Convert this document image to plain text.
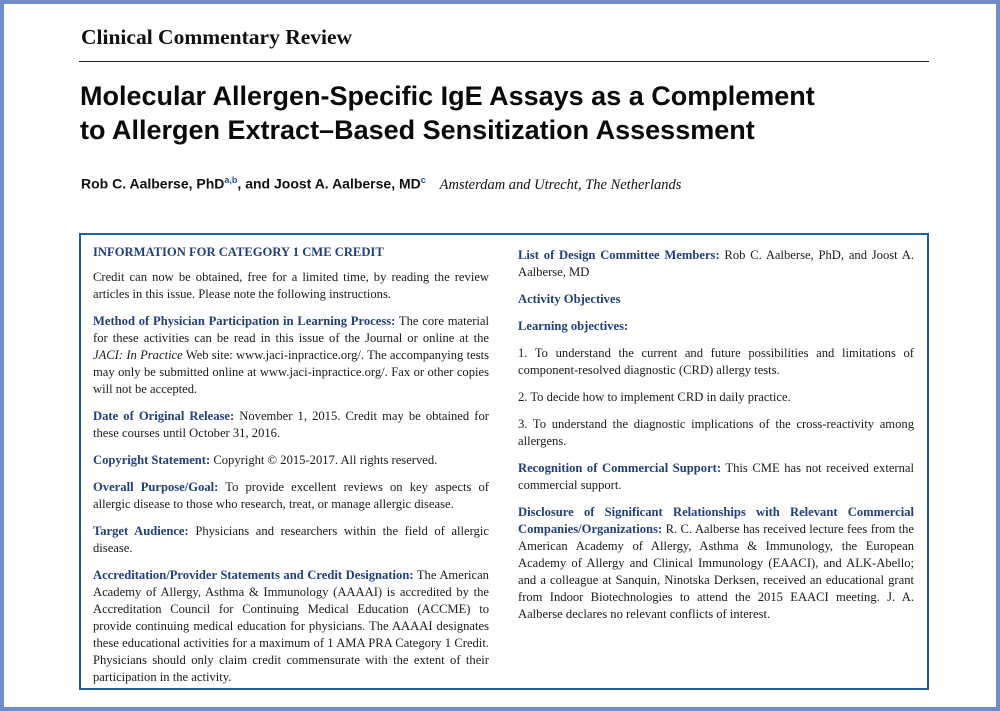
Clinical Commentary Review
Molecular Allergen-Specific IgE Assays as a Complement
to Allergen Extract–Based Sensitization Assessment
Rob C. Aalberse, PhD$^{a,b}$, and Joost A. Aalberse, $MD^c$ Amsterdam and Utrecht, The Netherlands

INFORMATION FOR CATEGORY 1 CME CREDIT

Credit can now be obtained, free for a limited time, by reading the review articles in this issue. Please note the following instructions.

Method of Physician Participation in Learning Process: The core material for these activities can be read in this issue of the Journal or online at the JACI: In Practice Web site: www.jaci-inpractice.org/. The accompanying tests may only be submitted online at www.jaci-inpractice.org/. Fax or other copies will not be accepted.

Date of Original Release: November 1, 2015. Credit may be obtained for these courses until October 31, 2016.

Copyright Statement: Copyright © 2015-2017. All rights reserved.

Overall Purpose/Goal: To provide excellent reviews on key aspects of allergic disease to those who research, treat, or manage allergic disease.

Target Audience: Physicians and researchers within the field of allergic disease.

Accreditation/Provider Statements and Credit Designation: The American Academy of Allergy, Asthma & Immunology (AAAAI) is accredited by the Accreditation Council for Continuing Medical Education (ACCME) to provide continuing medical education for physicians. The AAAAI designates these educational activities for a maximum of 1 AMA PRA Category 1 Credit. Physicians should only claim credit commensurate with the extent of their participation in the activity.

List of Design Committee Members: Rob C. Aalberse, PhD, and Joost A. Aalberse, MD

Activity Objectives

Learning objectives:

1. To understand the current and future possibilities and limitations of component-resolved diagnostic (CRD) allergy tests.

2. To decide how to implement CRD in daily practice.

3. To understand the diagnostic implications of the cross-reactivity among allergens.

Recognition of Commercial Support: This CME has not received external commercial support.

Disclosure of Significant Relationships with Relevant Commercial Companies/Organizations: R. C. Aalberse has received lecture fees from the American Academy of Allergy, Asthma & Immunology, the European Academy of Allergy and Clinical Immunology (EAACI), and ALK-Abello; and a colleague at Sanquin, Ninotska Derksen, received an educational grant from Indoor Biotechnologies to attend the 2015 EAACI meeting. J. A. Aalberse declares no relevant conflicts of interest.
